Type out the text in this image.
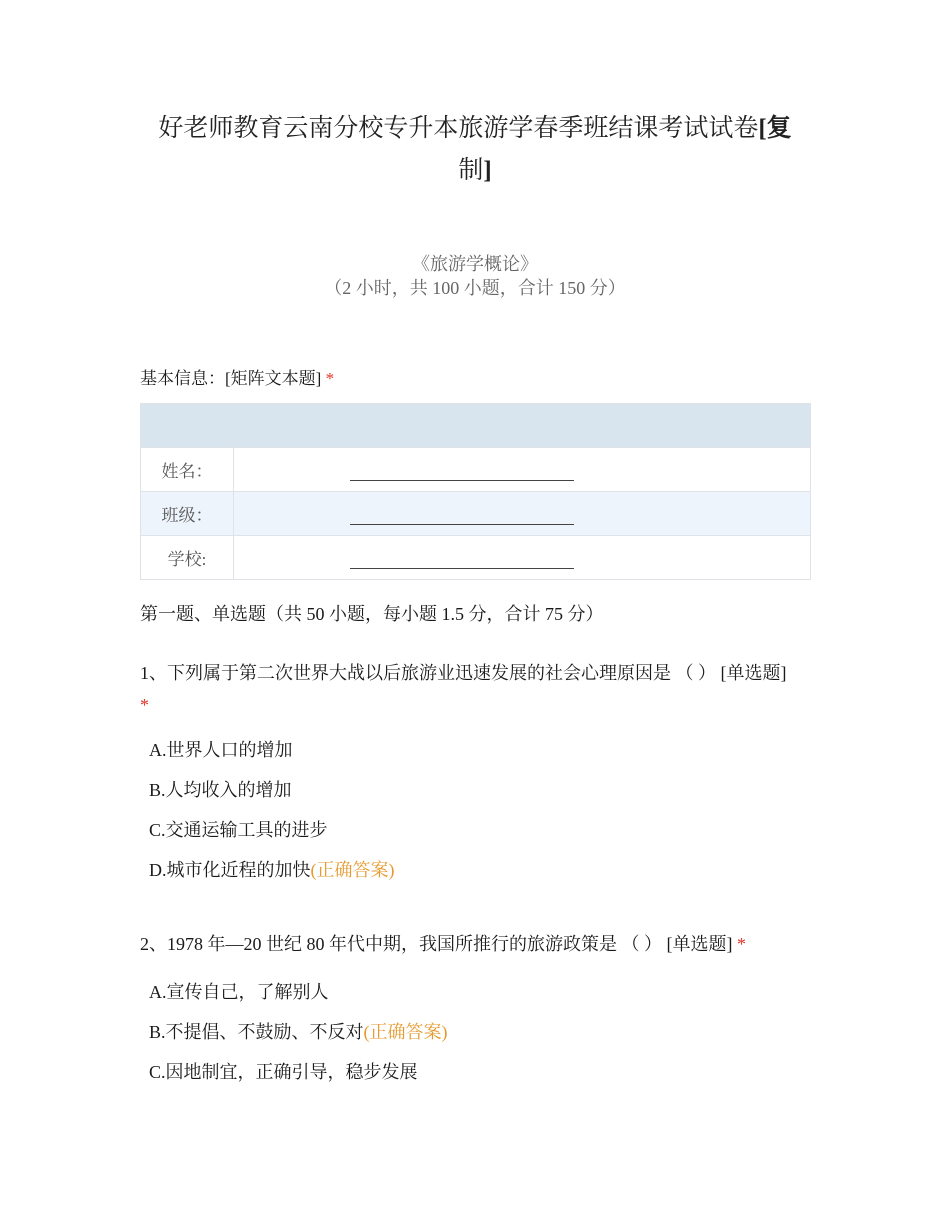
好老师教育云南分校专升本旅游学春季班结课考试试卷[复
制]
《旅游学概论》
（2 小时，共 100 小题，合计 150 分）
基本信息：[矩阵文本题] *

姓名：	

班级：	

学校:	
第一题、单选题（共 50 小题，每小题 1.5 分，合计 75 分）
1、下列属于第二次世界大战以后旅游业迅速发展的社会心理原因是 （ ） [单选题]
*
A.世界人口的增加
B.人均收入的增加
C.交通运输工具的进步
D.城市化近程的加快(正确答案)
2、1978 年—20 世纪 80 年代中期，我国所推行的旅游政策是 （ ） [单选题] *
A.宣传自己，了解别人
B.不提倡、不鼓励、不反对(正确答案)
C.因地制宜，正确引导，稳步发展
